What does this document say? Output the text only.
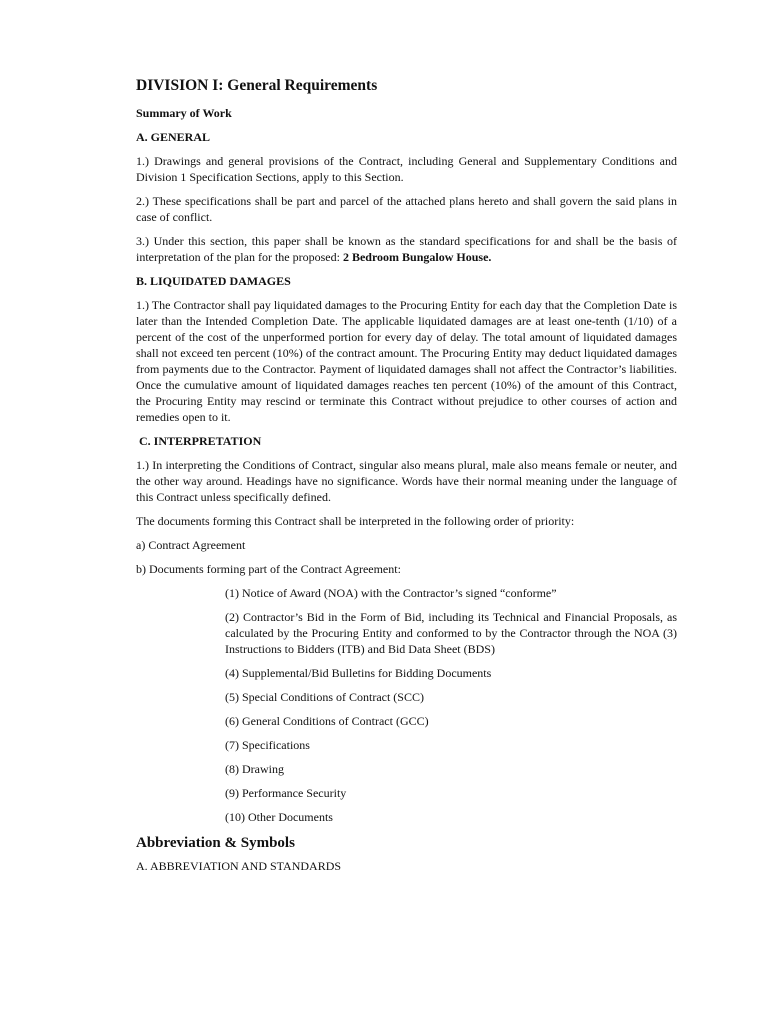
DIVISION I: General Requirements
Summary of Work
A. GENERAL
1.) Drawings and general provisions of the Contract, including General and Supplementary Conditions and Division 1 Specification Sections, apply to this Section.
2.) These specifications shall be part and parcel of the attached plans hereto and shall govern the said plans in case of conflict.
3.) Under this section, this paper shall be known as the standard specifications for and shall be the basis of interpretation of the plan for the proposed: 2 Bedroom Bungalow House.
B. LIQUIDATED DAMAGES
1.) The Contractor shall pay liquidated damages to the Procuring Entity for each day that the Completion Date is later than the Intended Completion Date. The applicable liquidated damages are at least one-tenth (1/10) of a percent of the cost of the unperformed portion for every day of delay. The total amount of liquidated damages shall not exceed ten percent (10%) of the contract amount. The Procuring Entity may deduct liquidated damages from payments due to the Contractor. Payment of liquidated damages shall not affect the Contractor’s liabilities. Once the cumulative amount of liquidated damages reaches ten percent (10%) of the amount of this Contract, the Procuring Entity may rescind or terminate this Contract without prejudice to other courses of action and remedies open to it.
C. INTERPRETATION
1.) In interpreting the Conditions of Contract, singular also means plural, male also means female or neuter, and the other way around. Headings have no significance. Words have their normal meaning under the language of this Contract unless specifically defined.
The documents forming this Contract shall be interpreted in the following order of priority:
a) Contract Agreement
b) Documents forming part of the Contract Agreement:
(1) Notice of Award (NOA) with the Contractor’s signed “conforme”
(2) Contractor’s Bid in the Form of Bid, including its Technical and Financial Proposals, as calculated by the Procuring Entity and conformed to by the Contractor through the NOA (3) Instructions to Bidders (ITB) and Bid Data Sheet (BDS)
(4) Supplemental/Bid Bulletins for Bidding Documents
(5) Special Conditions of Contract (SCC)
(6) General Conditions of Contract (GCC)
(7) Specifications
(8) Drawing
(9) Performance Security
(10) Other Documents
Abbreviation & Symbols
A. ABBREVIATION AND STANDARDS
